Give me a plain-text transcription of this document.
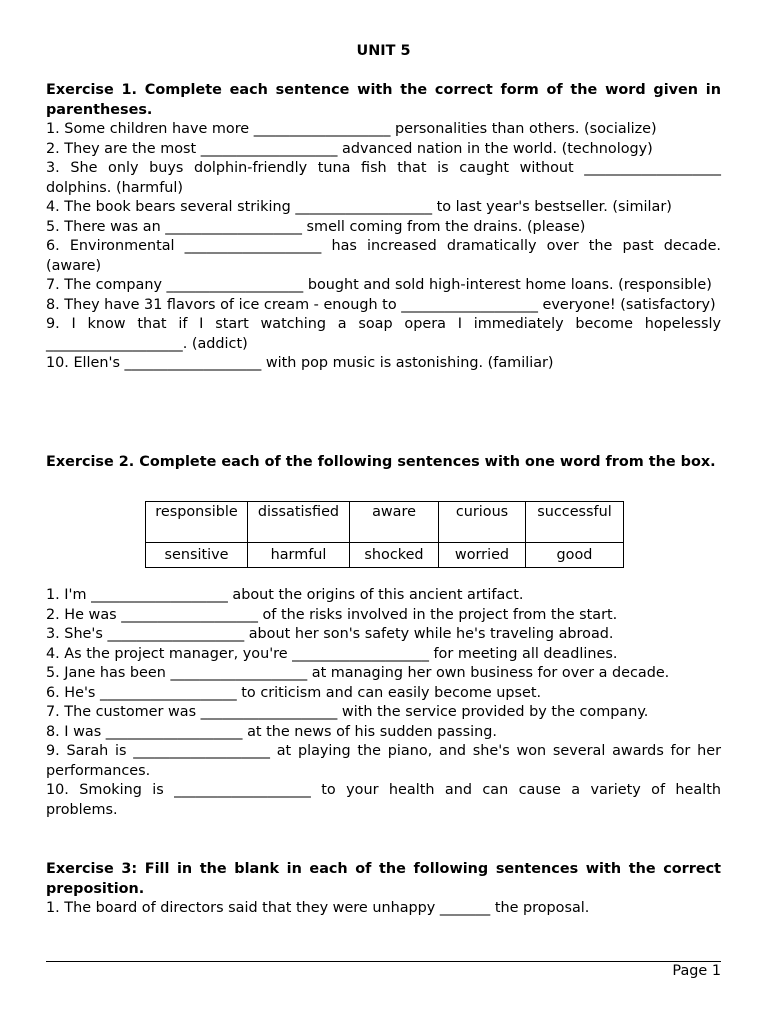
UNIT 5
Exercise 1. Complete each sentence with the correct form of the word given in parentheses.
1. Some children have more ___________________ personalities than others. (socialize)
2. They are the most ___________________ advanced nation in the world. (technology)
3. She only buys dolphin-friendly tuna fish that is caught without ___________________ dolphins. (harmful)
4. The book bears several striking ___________________ to last year's bestseller. (similar)
5. There was an ___________________ smell coming from the drains. (please)
6. Environmental ___________________ has increased dramatically over the past decade. (aware)
7. The company ___________________ bought and sold high-interest home loans. (responsible)
8. They have 31 flavors of ice cream - enough to ___________________ everyone! (satisfactory)
9. I know that if I start watching a soap opera I immediately become hopelessly ___________________. (addict)
10. Ellen's ___________________ with pop music is astonishing. (familiar)
Exercise 2. Complete each of the following sentences with one word from the box.
responsible	dissatisfied	aware	curious	successful
sensitive	harmful	shocked	worried	good
1. I'm ___________________ about the origins of this ancient artifact.
2. He was ___________________ of the risks involved in the project from the start.
3. She's ___________________ about her son's safety while he's traveling abroad.
4. As the project manager, you're ___________________ for meeting all deadlines.
5. Jane has been ___________________ at managing her own business for over a decade.
6. He's ___________________ to criticism and can easily become upset.
7. The customer was ___________________ with the service provided by the company.
8. I was ___________________ at the news of his sudden passing.
9. Sarah is ___________________ at playing the piano, and she's won several awards for her performances.
10. Smoking is ___________________ to your health and can cause a variety of health problems.
Exercise 3: Fill in the blank in each of the following sentences with the correct preposition.
1. The board of directors said that they were unhappy _______ the proposal.
Page 1
